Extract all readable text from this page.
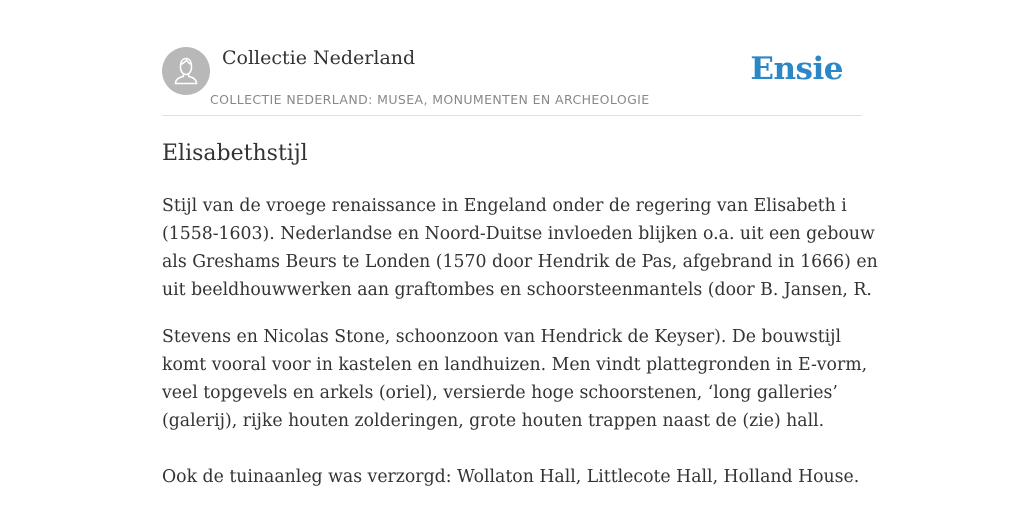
Collectie Nederland
COLLECTIE NEDERLAND: MUSEA, MONUMENTEN EN ARCHEOLOGIE
Ensie
Elisabethstijl

Stijl van de vroege renaissance in Engeland onder de regering van Elisabeth i
(1558-1603). Nederlandse en Noord-Duitse invloeden blijken o.a. uit een gebouw
als Greshams Beurs te Londen (1570 door Hendrik de Pas, afgebrand in 1666) en
uit beeldhouwwerken aan graftombes en schoorsteenmantels (door B. Jansen, R.

Stevens en Nicolas Stone, schoonzoon van Hendrick de Keyser). De bouwstijl
komt vooral voor in kastelen en landhuizen. Men vindt plattegronden in E-vorm,
veel topgevels en arkels (oriel), versierde hoge schoorstenen, ‘long galleries’
(galerij), rijke houten zolderingen, grote houten trappen naast de (zie) hall.

Ook de tuinaanleg was verzorgd: Wollaton Hall, Littlecote Hall, Holland House.
